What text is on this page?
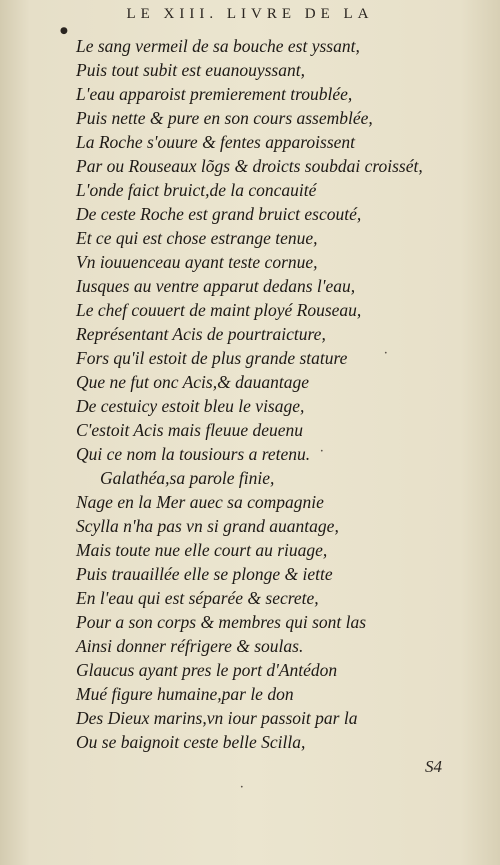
LE XIII. LIVRE DE LA
●
Le sang vermeil de sa bouche est yssant,
Puis tout subit est euanouyssant,
L'eau apparoist premierement troublée,
Puis nette & pure en son cours assemblée,
La Roche s'ouure & fentes apparoissent
Par ou Rouseaux lõgs & droicts soubdai croissét,
L'onde faict bruict,de la concauité
De ceste Roche est grand bruict escouté,
Et ce qui est chose estrange tenue,
Vn iouuenceau ayant teste cornue,
Iusques au ventre apparut dedans l'eau,
Le chef couuert de maint ployé Rouseau,
Représentant Acis de pourtraicture,
Fors qu'il estoit de plus grande stature
Que ne fut onc Acis,& dauantage
De cestuicy estoit bleu le visage,
C'estoit Acis mais fleuue deuenu
Qui ce nom la tousiours a retenu.
Galathéa,sa parole finie,
Nage en la Mer auec sa compagnie
Scylla n'ha pas vn si grand auantage,
Mais toute nue elle court au riuage,
Puis trauaillée elle se plonge & iette
En l'eau qui est séparée & secrete,
Pour a son corps & membres qui sont las
Ainsi donner réfrigere & soulas.
Glaucus ayant pres le port d'Antédon
Mué figure humaine,par le don
Des Dieux marins,vn iour passoit par la
Ou se baignoit ceste belle Scilla,
•
•
•
S4
